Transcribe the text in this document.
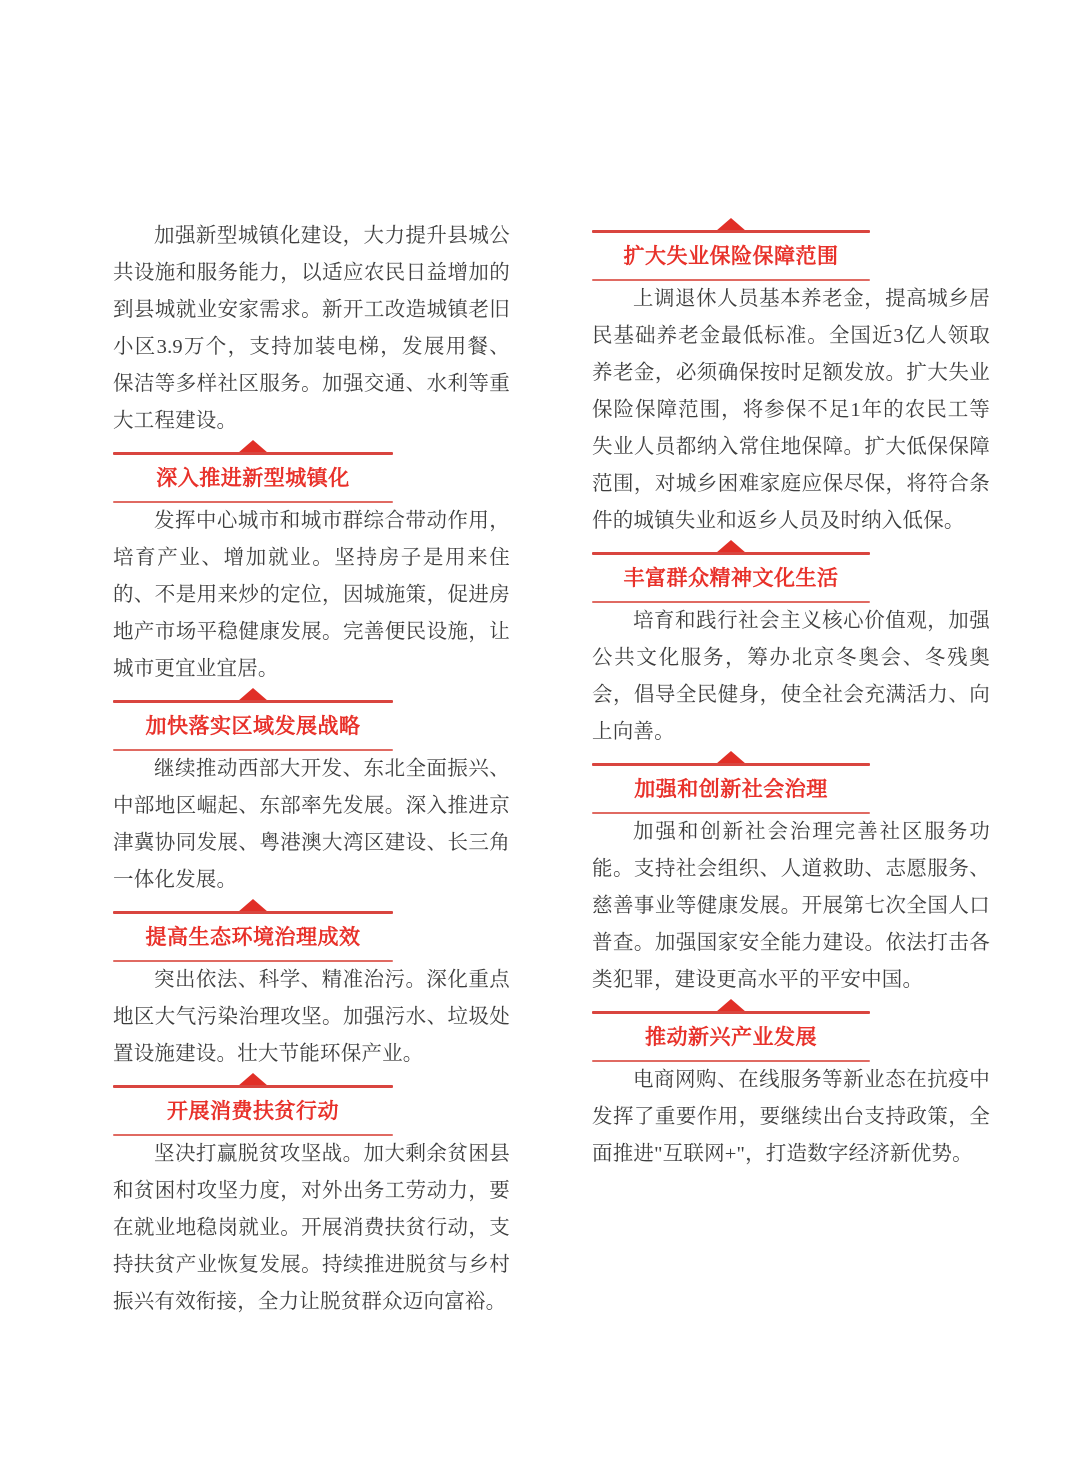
加强新型城镇化建设，大力提升县城公共设施和服务能力，以适应农民日益增加的到县城就业安家需求。新开工改造城镇老旧小区3.9万个，支持加装电梯，发展用餐、保洁等多样社区服务。加强交通、水利等重大工程建设。

深入推进新型城镇化

发挥中心城市和城市群综合带动作用，培育产业、增加就业。坚持房子是用来住的、不是用来炒的定位，因城施策，促进房地产市场平稳健康发展。完善便民设施，让城市更宜业宜居。

加快落实区域发展战略

继续推动西部大开发、东北全面振兴、中部地区崛起、东部率先发展。深入推进京津冀协同发展、粤港澳大湾区建设、长三角一体化发展。

提高生态环境治理成效

突出依法、科学、精准治污。深化重点地区大气污染治理攻坚。加强污水、垃圾处置设施建设。壮大节能环保产业。

开展消费扶贫行动

坚决打赢脱贫攻坚战。加大剩余贫困县和贫困村攻坚力度，对外出务工劳动力，要在就业地稳岗就业。开展消费扶贫行动，支持扶贫产业恢复发展。持续推进脱贫与乡村振兴有效衔接，全力让脱贫群众迈向富裕。

扩大失业保险保障范围

上调退休人员基本养老金，提高城乡居民基础养老金最低标准。全国近3亿人领取养老金，必须确保按时足额发放。扩大失业保险保障范围，将参保不足1年的农民工等失业人员都纳入常住地保障。扩大低保保障范围，对城乡困难家庭应保尽保，将符合条件的城镇失业和返乡人员及时纳入低保。

丰富群众精神文化生活

培育和践行社会主义核心价值观，加强公共文化服务，筹办北京冬奥会、冬残奥会，倡导全民健身，使全社会充满活力、向上向善。

加强和创新社会治理

加强和创新社会治理完善社区服务功能。支持社会组织、人道救助、志愿服务、慈善事业等健康发展。开展第七次全国人口普查。加强国家安全能力建设。依法打击各类犯罪，建设更高水平的平安中国。

推动新兴产业发展

电商网购、在线服务等新业态在抗疫中发挥了重要作用，要继续出台支持政策，全面推进"互联网+"，打造数字经济新优势。
